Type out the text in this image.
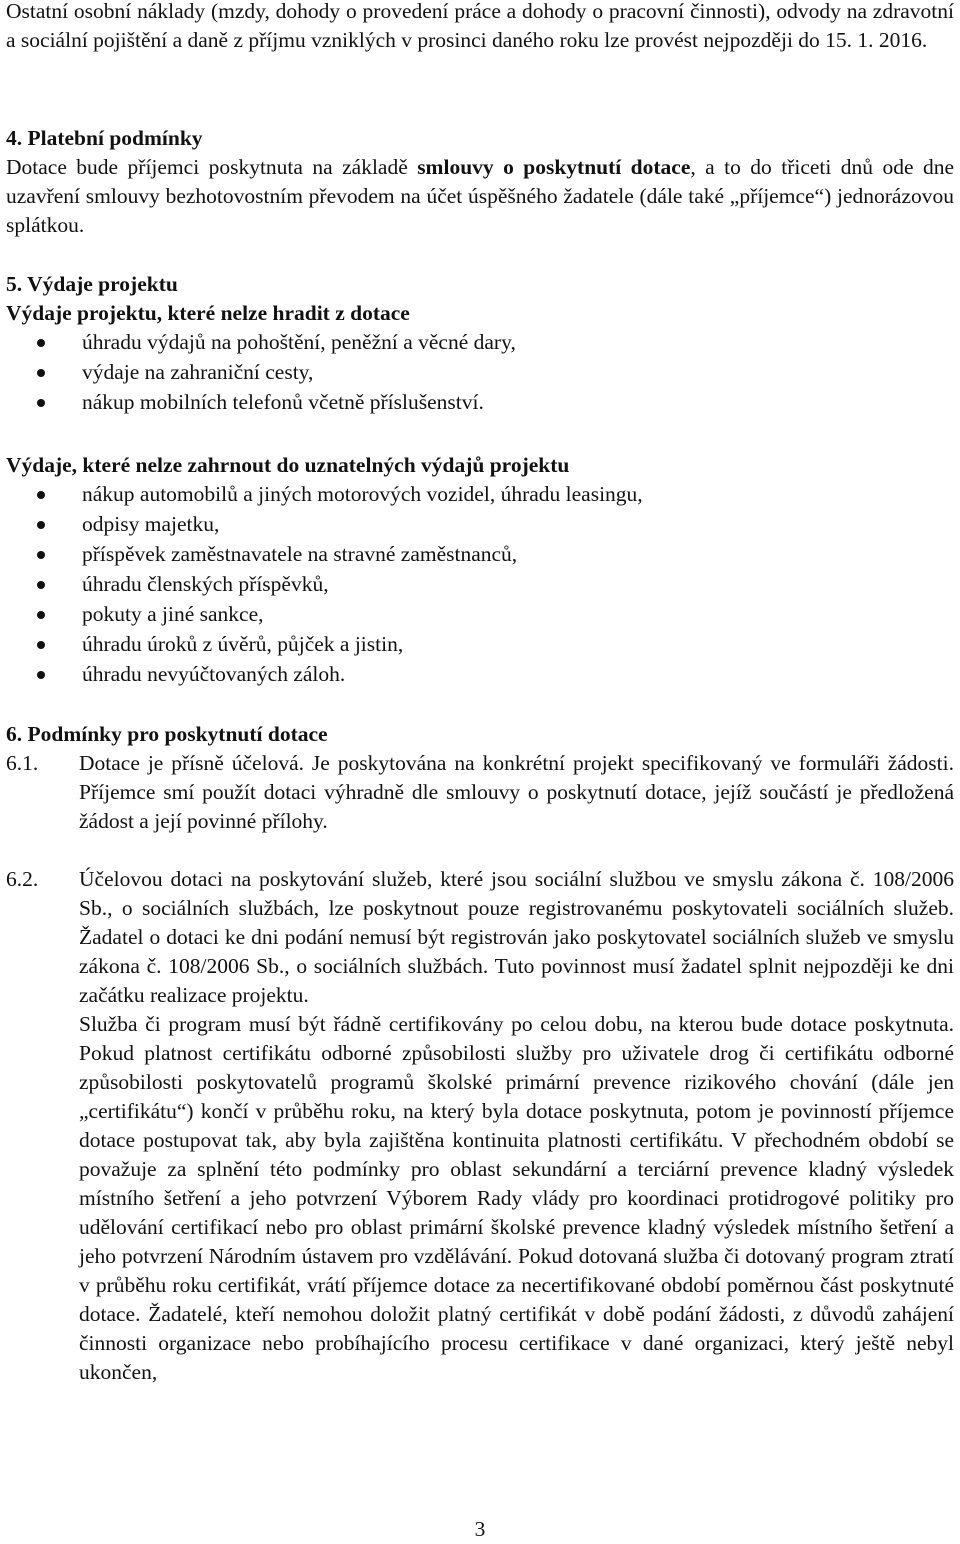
Ostatní osobní náklady (mzdy, dohody o provedení práce a dohody o pracovní činnosti), odvody na zdravotní a sociální pojištění a daně z příjmu vzniklých v prosinci daného roku lze provést nejpozději do 15. 1. 2016.

4. Platební podmínky

Dotace bude příjemci poskytnuta na základě smlouvy o poskytnutí dotace, a to do třiceti dnů ode dne uzavření smlouvy bezhotovostním převodem na účet úspěšného žadatele (dále také „příjemce“) jednorázovou splátkou.

5. Výdaje projektu

Výdaje projektu, které nelze hradit z dotace

úhradu výdajů na pohoštění, peněžní a věcné dary,
výdaje na zahraniční cesty,
nákup mobilních telefonů včetně příslušenství.

Výdaje, které nelze zahrnout do uznatelných výdajů projektu

nákup automobilů a jiných motorových vozidel, úhradu leasingu,
odpisy majetku,
příspěvek zaměstnavatele na stravné zaměstnanců,
úhradu členských příspěvků,
pokuty a jiné sankce,
úhradu úroků z úvěrů, půjček a jistin,
úhradu nevyúčtovaných záloh.

6. Podmínky pro poskytnutí dotace

6.1.	Dotace je přísně účelová. Je poskytována na konkrétní projekt specifikovaný ve formuláři žádosti. Příjemce smí použít dotaci výhradně dle smlouvy o poskytnutí dotace, jejíž součástí je předložená žádost a její povinné přílohy.

6.2.	Účelovou dotaci na poskytování služeb, které jsou sociální službou ve smyslu zákona č. 108/2006 Sb., o sociálních službách, lze poskytnout pouze registrovanému poskytovateli sociálních služeb. Žadatel o dotaci ke dni podání nemusí být registrován jako poskytovatel sociálních služeb ve smyslu zákona č. 108/2006 Sb., o sociálních službách. Tuto povinnost musí žadatel splnit nejpozději ke dni začátku realizace projektu.

Služba či program musí být řádně certifikovány po celou dobu, na kterou bude dotace poskytnuta. Pokud platnost certifikátu odborné způsobilosti služby pro uživatele drog či certifikátu odborné způsobilosti poskytovatelů programů školské primární prevence rizikového chování (dále jen „certifikátu“) končí v průběhu roku, na který byla dotace poskytnuta, potom je povinností příjemce dotace postupovat tak, aby byla zajištěna kontinuita platnosti certifikátu. V přechodném období se považuje za splnění této podmínky pro oblast sekundární a terciární prevence kladný výsledek místního šetření a jeho potvrzení Výborem Rady vlády pro koordinaci protidrogové politiky pro udělování certifikací nebo pro oblast primární školské prevence kladný výsledek místního šetření a jeho potvrzení Národním ústavem pro vzdělávání. Pokud dotovaná služba či dotovaný program ztratí v průběhu roku certifikát, vrátí příjemce dotace za necertifikované období poměrnou část poskytnuté dotace. Žadatelé, kteří nemohou doložit platný certifikát v době podání žádosti, z důvodů zahájení činnosti organizace nebo probíhajícího procesu certifikace v dané organizaci, který ještě nebyl ukončen,

3
